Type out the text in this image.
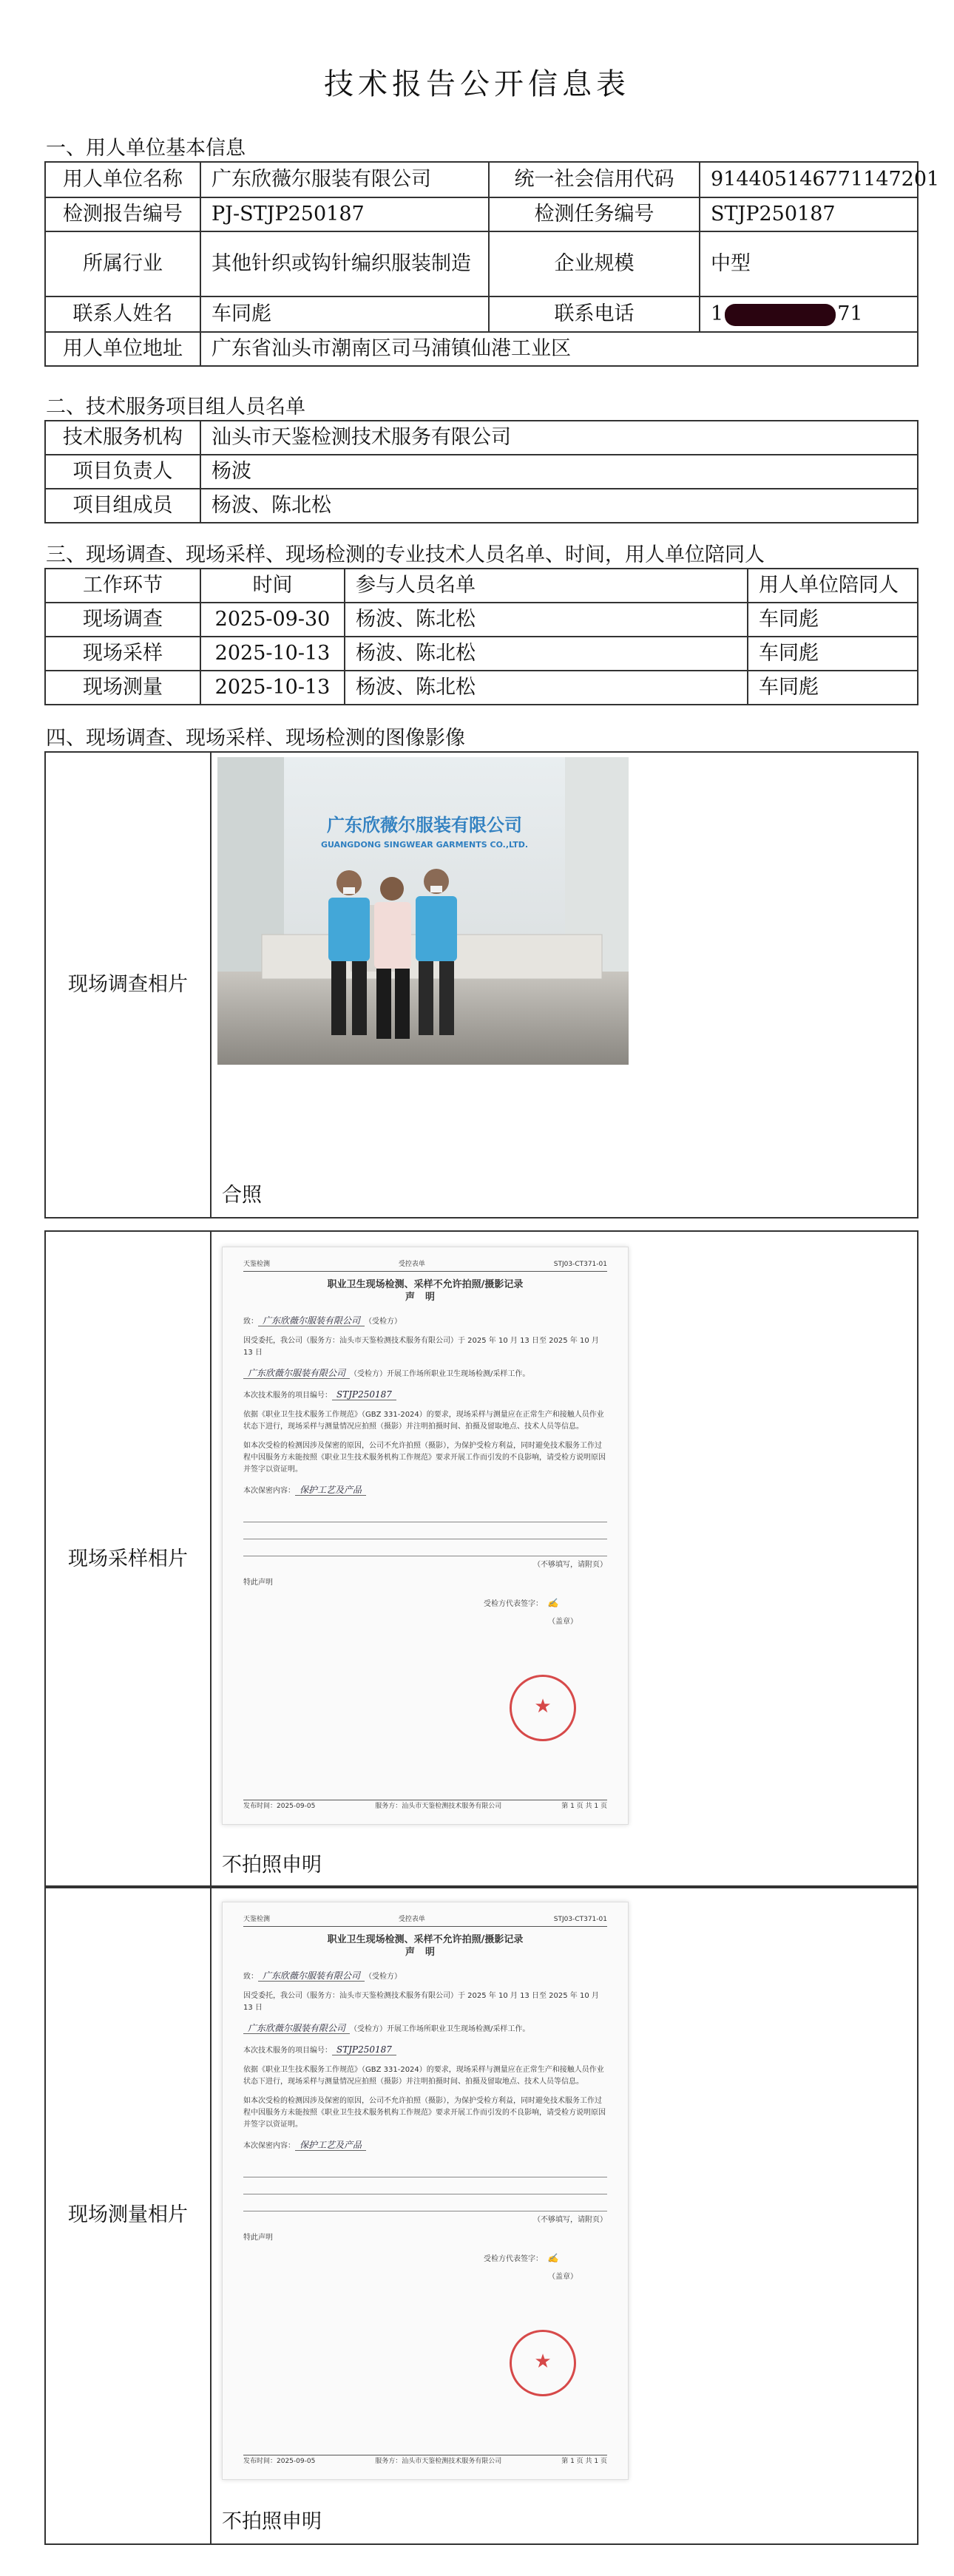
技术报告公开信息表
一、用人单位基本信息
用人单位名称	广东欣薇尔服装有限公司	统一社会信用代码	914405146771147201
检测报告编号	PJ-STJP250187	检测任务编号	STJP250187
所属行业	其他针织或钩针编织服装制造	企业规模	中型
联系人姓名	车同彪	联系电话	1 71
用人单位地址	广东省汕头市潮南区司马浦镇仙港工业区		
二、技术服务项目组人员名单
技术服务机构	汕头市天鉴检测技术服务有限公司
项目负责人	杨波
项目组成员	杨波、陈北松
三、现场调查、现场采样、现场检测的专业技术人员名单、时间，用人单位陪同人
工作环节	时间	参与人员名单	用人单位陪同人
现场调查	2025-09-30	杨波、陈北松	车同彪
现场采样	2025-10-13	杨波、陈北松	车同彪
现场测量	2025-10-13	杨波、陈北松	车同彪
四、现场调查、现场采样、现场检测的图像影像
现场调查相片	
广东欣薇尔服装有限公司
GUANGDONG SINGWEAR GARMENTS CO.,LTD.
合照
现场采样相片	
天鉴检测	受控表单	STJ03-CT371-01
职业卫生现场检测、采样不允许拍照/摄影记录
声明
致： 广东欣薇尔服装有限公司 （受检方）
因受委托，我公司（服务方：汕头市天鉴检测技术服务有限公司）于 2025 年 10 月 13 日至 2025 年 10 月 13 日
广东欣薇尔服装有限公司 （受检方）开展工作场所职业卫生现场检测/采样工作。
本次技术服务的项目编号： STJP250187
依据《职业卫生技术服务工作规范》（GBZ 331-2024）的要求，现场采样与测量应在正常生产和接触人员作业状态下进行，现场采样与测量情况应拍照（摄影）并注明拍摄时间、拍摄及留取地点、技术人员等信息。
如本次受检的检测因涉及保密的原因，公司不允许拍照（摄影），为保护受检方利益，同时避免技术服务工作过程中因服务方未能按照《职业卫生技术服务机构工作规范》要求开展工作而引发的不良影响，请受检方说明原因并签字以资证明。
本次保密内容： 保护工艺及产品
（不够填写，请附页）
特此声明
受检方代表签字： ✍
（盖章）
★
发布时间：2025-09-05	服务方：汕头市天鉴检测技术服务有限公司	第 1 页 共 1 页
不拍照申明
现场测量相片	
天鉴检测	受控表单	STJ03-CT371-01
职业卫生现场检测、采样不允许拍照/摄影记录
声明
致： 广东欣薇尔服装有限公司 （受检方）
因受委托，我公司（服务方：汕头市天鉴检测技术服务有限公司）于 2025 年 10 月 13 日至 2025 年 10 月 13 日
广东欣薇尔服装有限公司 （受检方）开展工作场所职业卫生现场检测/采样工作。
本次技术服务的项目编号： STJP250187
依据《职业卫生技术服务工作规范》（GBZ 331-2024）的要求，现场采样与测量应在正常生产和接触人员作业状态下进行，现场采样与测量情况应拍照（摄影）并注明拍摄时间、拍摄及留取地点、技术人员等信息。
如本次受检的检测因涉及保密的原因，公司不允许拍照（摄影），为保护受检方利益，同时避免技术服务工作过程中因服务方未能按照《职业卫生技术服务机构工作规范》要求开展工作而引发的不良影响，请受检方说明原因并签字以资证明。
本次保密内容： 保护工艺及产品
（不够填写，请附页）
特此声明
受检方代表签字： ✍
（盖章）
★
发布时间：2025-09-05	服务方：汕头市天鉴检测技术服务有限公司	第 1 页 共 1 页
不拍照申明
